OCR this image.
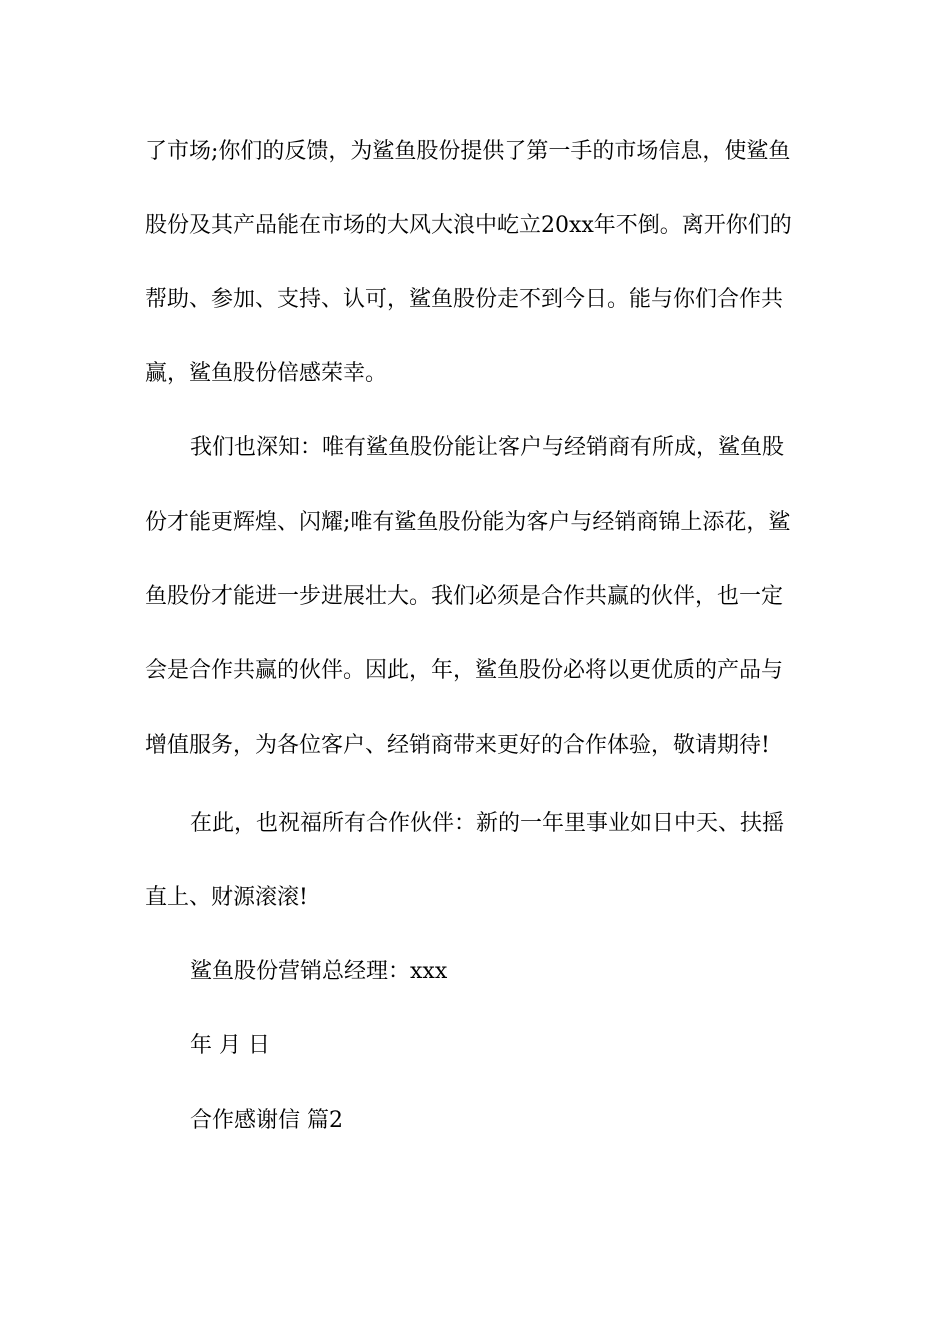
了市场;你们的反馈，为鲨鱼股份提供了第一手的市场信息，使鲨鱼
股份及其产品能在市场的大风大浪中屹立20xx年不倒。离开你们的
帮助、参加、支持、认可，鲨鱼股份走不到今日。能与你们合作共
赢，鲨鱼股份倍感荣幸。
我们也深知：唯有鲨鱼股份能让客户与经销商有所成，鲨鱼股
份才能更辉煌、闪耀;唯有鲨鱼股份能为客户与经销商锦上添花，鲨
鱼股份才能进一步进展壮大。我们必须是合作共赢的伙伴，也一定
会是合作共赢的伙伴。因此，年，鲨鱼股份必将以更优质的产品与
增值服务，为各位客户、经销商带来更好的合作体验，敬请期待!
在此，也祝福所有合作伙伴：新的一年里事业如日中天、扶摇
直上、财源滚滚!
鲨鱼股份营销总经理：xxx
年 月 日
合作感谢信 篇2
